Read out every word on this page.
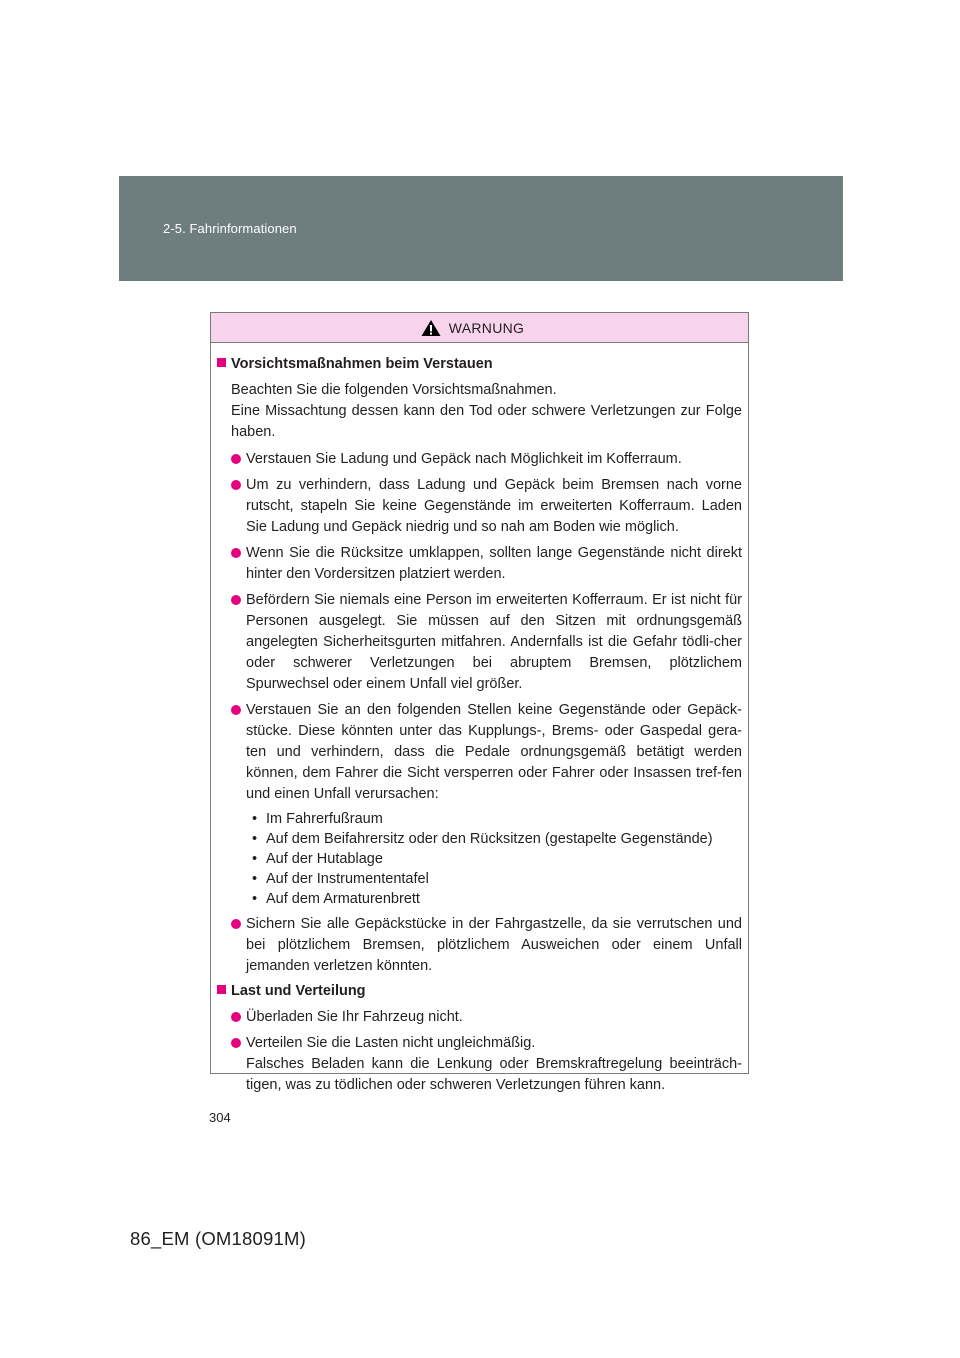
2-5. Fahrinformationen
WARNUNG
Vorsichtsmaßnahmen beim Verstauen
Beachten Sie die folgenden Vorsichtsmaßnahmen.
Eine Missachtung dessen kann den Tod oder schwere Verletzungen zur Folge haben.
Verstauen Sie Ladung und Gepäck nach Möglichkeit im Kofferraum.
Um zu verhindern, dass Ladung und Gepäck beim Bremsen nach vorne rutscht, stapeln Sie keine Gegenstände im erweiterten Kofferraum. Laden Sie Ladung und Gepäck niedrig und so nah am Boden wie möglich.
Wenn Sie die Rücksitze umklappen, sollten lange Gegenstände nicht direkt hinter den Vordersitzen platziert werden.
Befördern Sie niemals eine Person im erweiterten Kofferraum. Er ist nicht für Personen ausgelegt. Sie müssen auf den Sitzen mit ordnungsgemäß angelegten Sicherheitsgurten mitfahren. Andernfalls ist die Gefahr tödli-cher oder schwerer Verletzungen bei abruptem Bremsen, plötzlichem Spurwechsel oder einem Unfall viel größer.
Verstauen Sie an den folgenden Stellen keine Gegenstände oder Gepäck-stücke. Diese könnten unter das Kupplungs-, Brems- oder Gaspedal gera-ten und verhindern, dass die Pedale ordnungsgemäß betätigt werden können, dem Fahrer die Sicht versperren oder Fahrer oder Insassen tref-fen und einen Unfall verursachen:
• Im Fahrerfußraum
• Auf dem Beifahrersitz oder den Rücksitzen (gestapelte Gegenstände)
• Auf der Hutablage
• Auf der Instrumententafel
• Auf dem Armaturenbrett
Sichern Sie alle Gepäckstücke in der Fahrgastzelle, da sie verrutschen und bei plötzlichem Bremsen, plötzlichem Ausweichen oder einem Unfall jemanden verletzen könnten.
Last und Verteilung
Überladen Sie Ihr Fahrzeug nicht.
Verteilen Sie die Lasten nicht ungleichmäßig.
Falsches Beladen kann die Lenkung oder Bremskraftregelung beeinträch-tigen, was zu tödlichen oder schweren Verletzungen führen kann.
304
86_EM (OM18091M)
